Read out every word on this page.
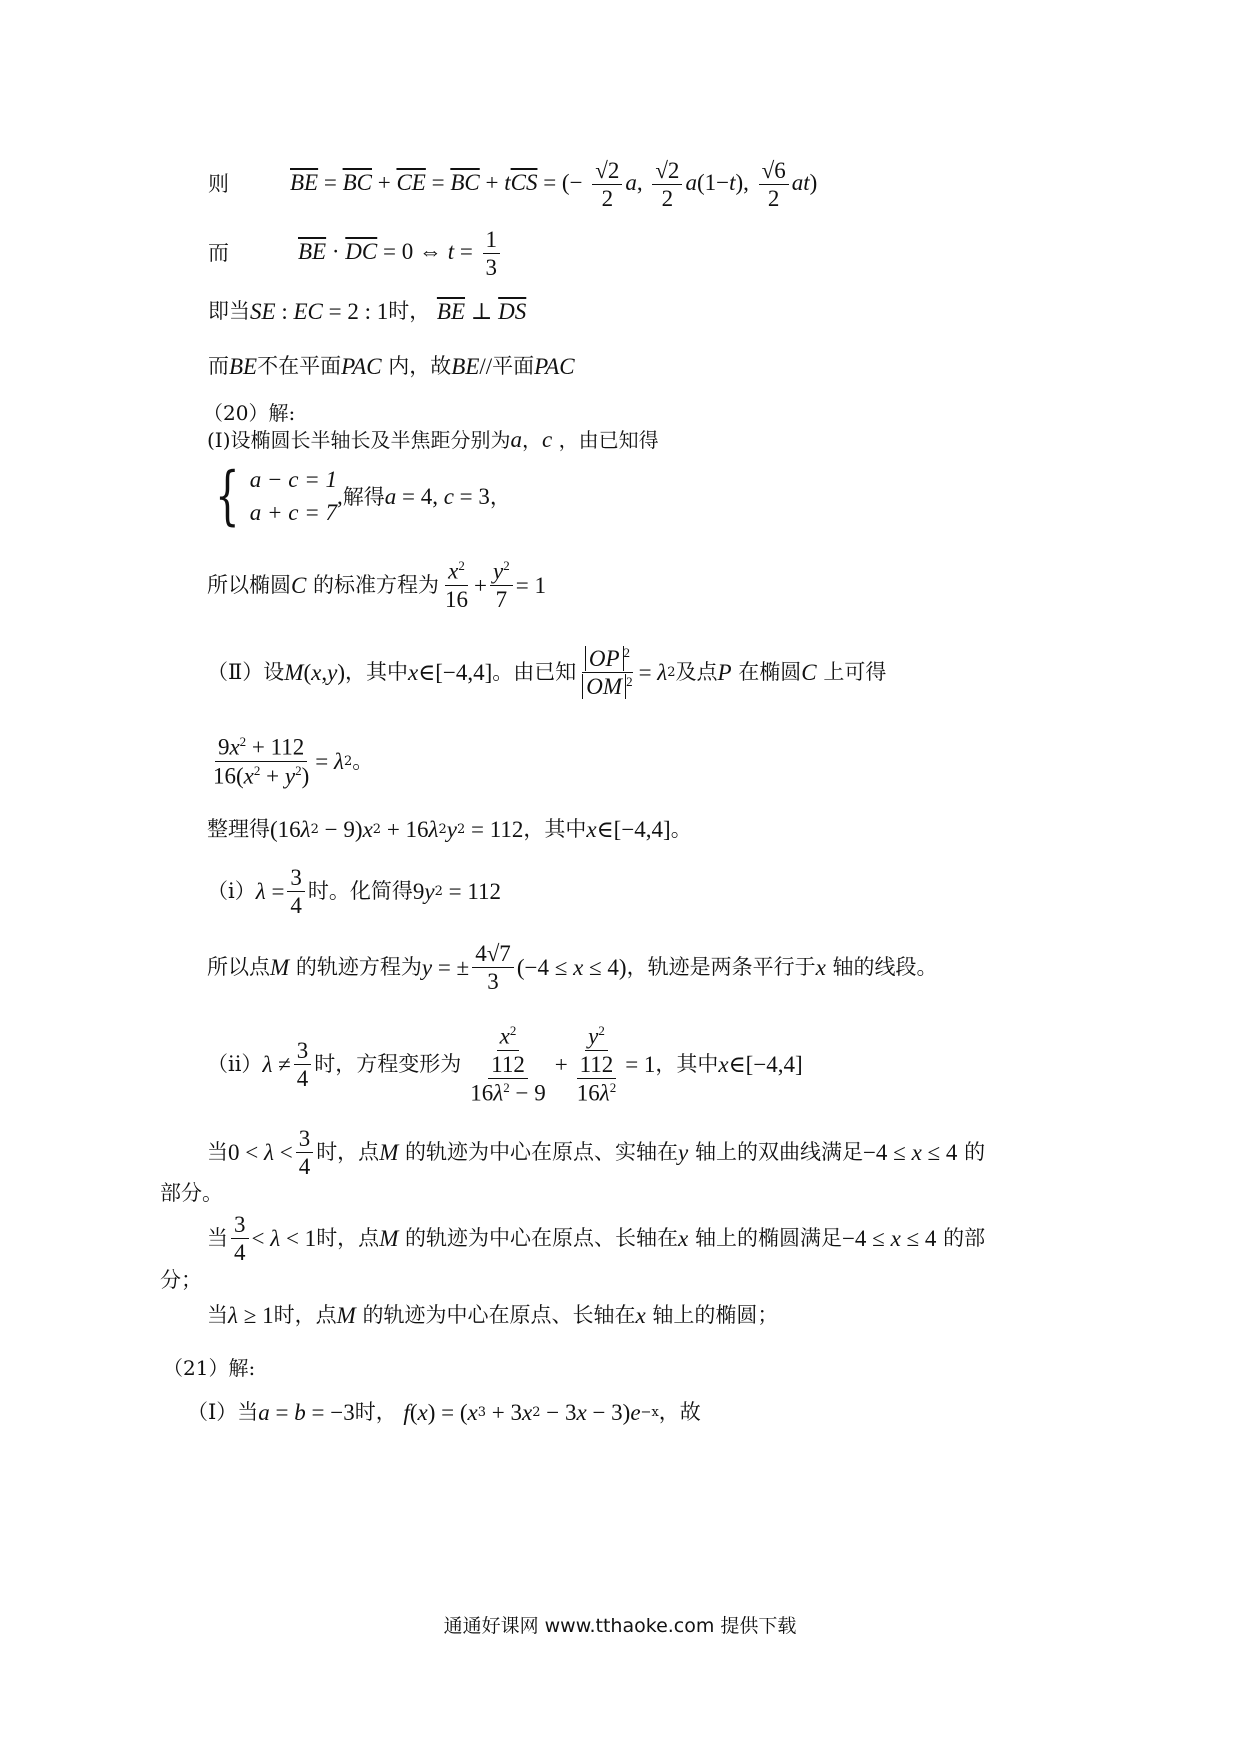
则	$\overline{BE} = \overline{BC} + \overline{CE} = \overline{BC} + t\overline{CS}$ = (− $\frac{√2}{2} a$, $\frac{√2}{2} a(1-t)$, $\frac{√6}{2} at$)
而	$\overline{BE} \cdot \overline{DC} = 0$ ⇔ $t = \frac{1}{3}$
即当 SE : EC = 2 : 1 时， $\overline{BE}$ ⊥ $\overline{DS}$
而 BE 不在平面 PAC 内，故 BE // 平面 PAC
（20）解:
(Ⅰ)设椭圆长半轴长及半焦距分别为 a ， c ，由已知得
{ a − c = 1
a + c = 7
,解得a = 4, c = 3，
所以椭圆 C 的标准方程为 $\frac{x^2}{16} + \frac{y^2}{7} = 1$
（Ⅱ）设 M ( x , y ) ，其中 x ∈[−4,4] 。由已知 $\frac{OP ^2}{OM ^2} = \lambda$ 2 及点 P 在椭圆 C 上可得
$\frac{9x^2 + 112}{16(x^2 + y^2)} = \lambda$ 2 。
整理得 (16 λ 2 − 9) x 2 + 16 λ 2 y 2 = 112 ，其中 x ∈[−4,4] 。
（i） $\lambda = \frac{3}{4}$ 时。化简得 9 y 2 = 112
所以点 M 的轨迹方程为 y = ± $\frac{4√7}{3} (-4 \le x \le 4)$ ，轨迹是两条平行于 x 轴的线段。
（ii） $\lambda \ne \frac{3}{4}$ 时，方程变形为 $\frac{x^2}{\frac{112}{16\lambda^2 - 9}} + \frac{y^2}{\frac{112}{16\lambda^2}} = 1$ ，其中 x ∈[−4,4]
当 $0 < \lambda < \frac{3}{4}$ 时，点 M 的轨迹为中心在原点、实轴在 y 轴上的双曲线满足 −4 ≤ x ≤ 4 的
部分。
当 $\frac{3}{4} < \lambda < 1$ 时，点 M 的轨迹为中心在原点、长轴在 x 轴上的椭圆满足 −4 ≤ x ≤ 4 的部
分；
当 λ ≥ 1 时，点 M 的轨迹为中心在原点、长轴在 x 轴上的椭圆；
（21）解:
（Ⅰ）当 a = b = −3 时， f ( x ) = ( x 3 + 3 x 2 − 3 x − 3) e −x ，故
通通好课网 www.tthaoke.com 提供下载
